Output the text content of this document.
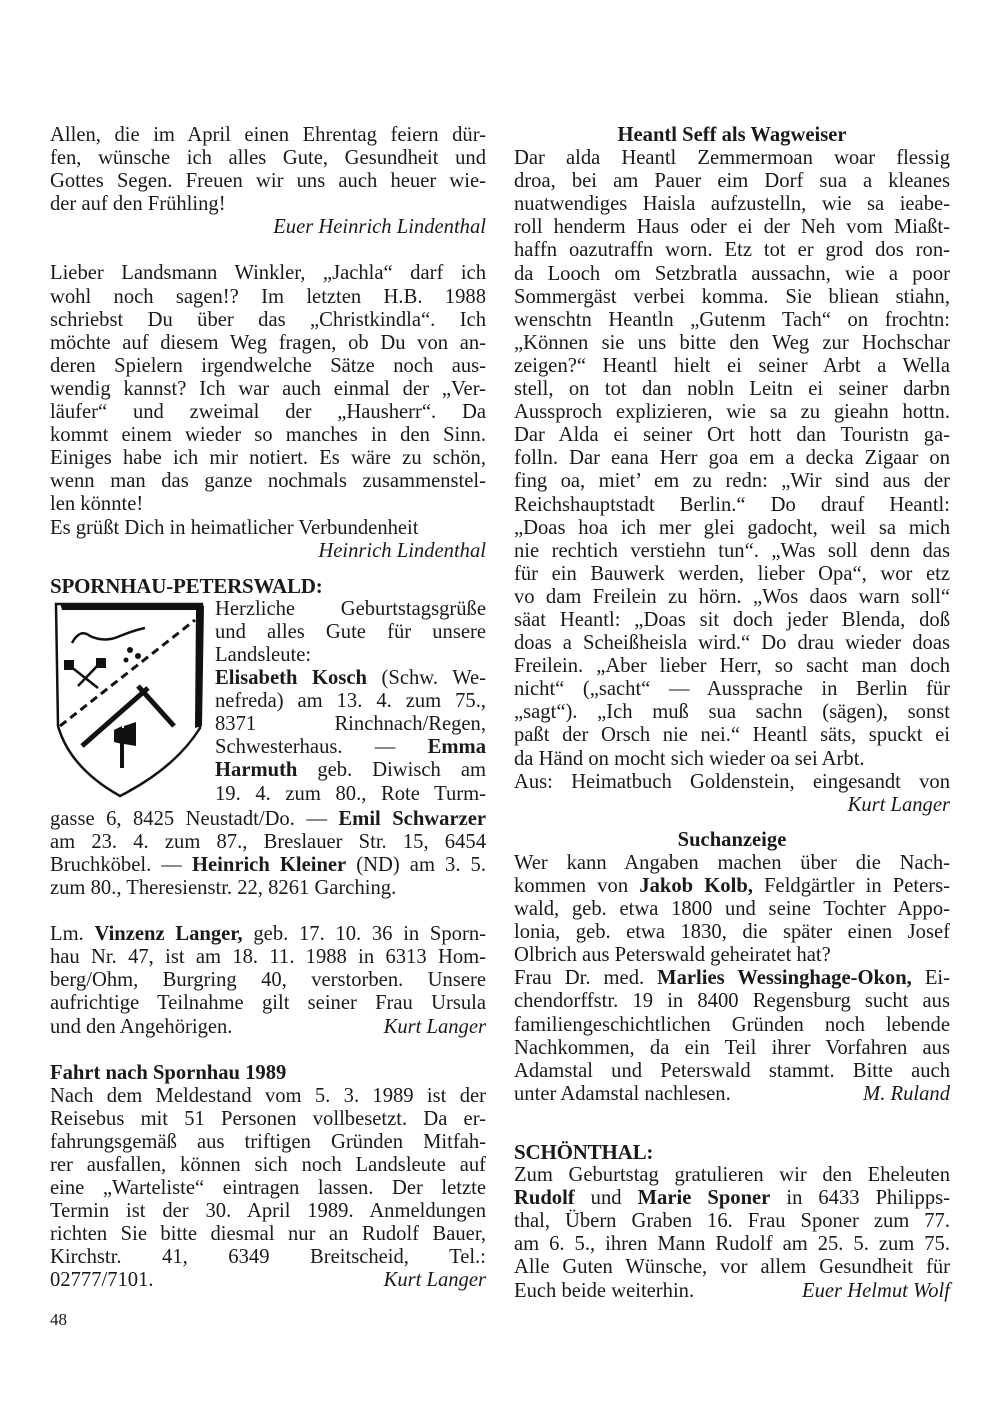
Allen, die im April einen Ehrentag feiern dür-
fen, wünsche ich alles Gute, Gesundheit und
Gottes Segen. Freuen wir uns auch heuer wie-
der auf den Frühling!
Euer Heinrich Lindenthal
Lieber Landsmann Winkler, „Jachla“ darf ich
wohl noch sagen!? Im letzten H.B. 1988
schriebst Du über das „Christkindla“. Ich
möchte auf diesem Weg fragen, ob Du von an-
deren Spielern irgendwelche Sätze noch aus-
wendig kannst? Ich war auch einmal der „Ver-
läufer“ und zweimal der „Hausherr“. Da
kommt einem wieder so manches in den Sinn.
Einiges habe ich mir notiert. Es wäre zu schön,
wenn man das ganze nochmals zusammenstel-
len könnte!
Es grüßt Dich in heimatlicher Verbundenheit
Heinrich Lindenthal
SPORNHAU-PETERSWALD:
Herzliche Geburtstagsgrüße
und alles Gute für unsere
Landsleute:
Elisabeth Kosch (Schw. We-
nefreda) am 13. 4. zum 75.,
8371 Rinchnach/Regen,
Schwesterhaus. — Emma
Harmuth geb. Diwisch am
19. 4. zum 80., Rote Turm-
gasse 6, 8425 Neustadt/Do. — Emil Schwarzer
am 23. 4. zum 87., Breslauer Str. 15, 6454
Bruchköbel. — Heinrich Kleiner (ND) am 3. 5.
zum 80., Theresienstr. 22, 8261 Garching.
Lm. Vinzenz Langer, geb. 17. 10. 36 in Sporn-
hau Nr. 47, ist am 18. 11. 1988 in 6313 Hom-
berg/Ohm, Burgring 40, verstorben. Unsere
aufrichtige Teilnahme gilt seiner Frau Ursula
und den Angehörigen.	Kurt Langer
Fahrt nach Spornhau 1989
Nach dem Meldestand vom 5. 3. 1989 ist der
Reisebus mit 51 Personen vollbesetzt. Da er-
fahrungsgemäß aus triftigen Gründen Mitfah-
rer ausfallen, können sich noch Landsleute auf
eine „Warteliste“ eintragen lassen. Der letzte
Termin ist der 30. April 1989. Anmeldungen
richten Sie bitte diesmal nur an Rudolf Bauer,
Kirchstr. 41, 6349 Breitscheid, Tel.:
02777/7101.	Kurt Langer
Heantl Seff als Wagweiser
Dar alda Heantl Zemmermoan woar flessig
droa, bei am Pauer eim Dorf sua a kleanes
nuatwendiges Haisla aufzustelln, wie sa ieabe-
roll henderm Haus oder ei der Neh vom Miaßt-
haffn oazutraffn worn. Etz tot er grod dos ron-
da Looch om Setzbratla aussachn, wie a poor
Sommergäst verbei komma. Sie bliean stiahn,
wenschtn Heantln „Gutenm Tach“ on frochtn:
„Können sie uns bitte den Weg zur Hochschar
zeigen?“ Heantl hielt ei seiner Arbt a Wella
stell, on tot dan nobln Leitn ei seiner darbn
Aussproch explizieren, wie sa zu gieahn hottn.
Dar Alda ei seiner Ort hott dan Touristn ga-
folln. Dar eana Herr goa em a decka Zigaar on
fing oa, miet’ em zu redn: „Wir sind aus der
Reichshauptstadt Berlin.“ Do drauf Heantl:
„Doas hoa ich mer glei gadocht, weil sa mich
nie rechtich verstiehn tun“. „Was soll denn das
für ein Bauwerk werden, lieber Opa“, wor etz
vo dam Freilein zu hörn. „Wos daos warn soll“
säat Heantl: „Doas sit doch jeder Blenda, doß
doas a Scheißheisla wird.“ Do drau wieder doas
Freilein. „Aber lieber Herr, so sacht man doch
nicht“ („sacht“ — Aussprache in Berlin für
„sagt“). „Ich muß sua sachn (sägen), sonst
paßt der Orsch nie nei.“ Heantl säts, spuckt ei
da Händ on mocht sich wieder oa sei Arbt.
Aus: Heimatbuch Goldenstein, eingesandt von
Kurt Langer
Suchanzeige
Wer kann Angaben machen über die Nach-
kommen von Jakob Kolb, Feldgärtler in Peters-
wald, geb. etwa 1800 und seine Tochter Appo-
lonia, geb. etwa 1830, die später einen Josef
Olbrich aus Peterswald geheiratet hat?
Frau Dr. med. Marlies Wessinghage-Okon, Ei-
chendorffstr. 19 in 8400 Regensburg sucht aus
familiengeschichtlichen Gründen noch lebende
Nachkommen, da ein Teil ihrer Vorfahren aus
Adamstal und Peterswald stammt. Bitte auch
unter Adamstal nachlesen.	M. Ruland
SCHÖNTHAL:
Zum Geburtstag gratulieren wir den Eheleuten
Rudolf und Marie Sponer in 6433 Philipps-
thal, Übern Graben 16. Frau Sponer zum 77.
am 6. 5., ihren Mann Rudolf am 25. 5. zum 75.
Alle Guten Wünsche, vor allem Gesundheit für
Euch beide weiterhin.	Euer Helmut Wolf
48
